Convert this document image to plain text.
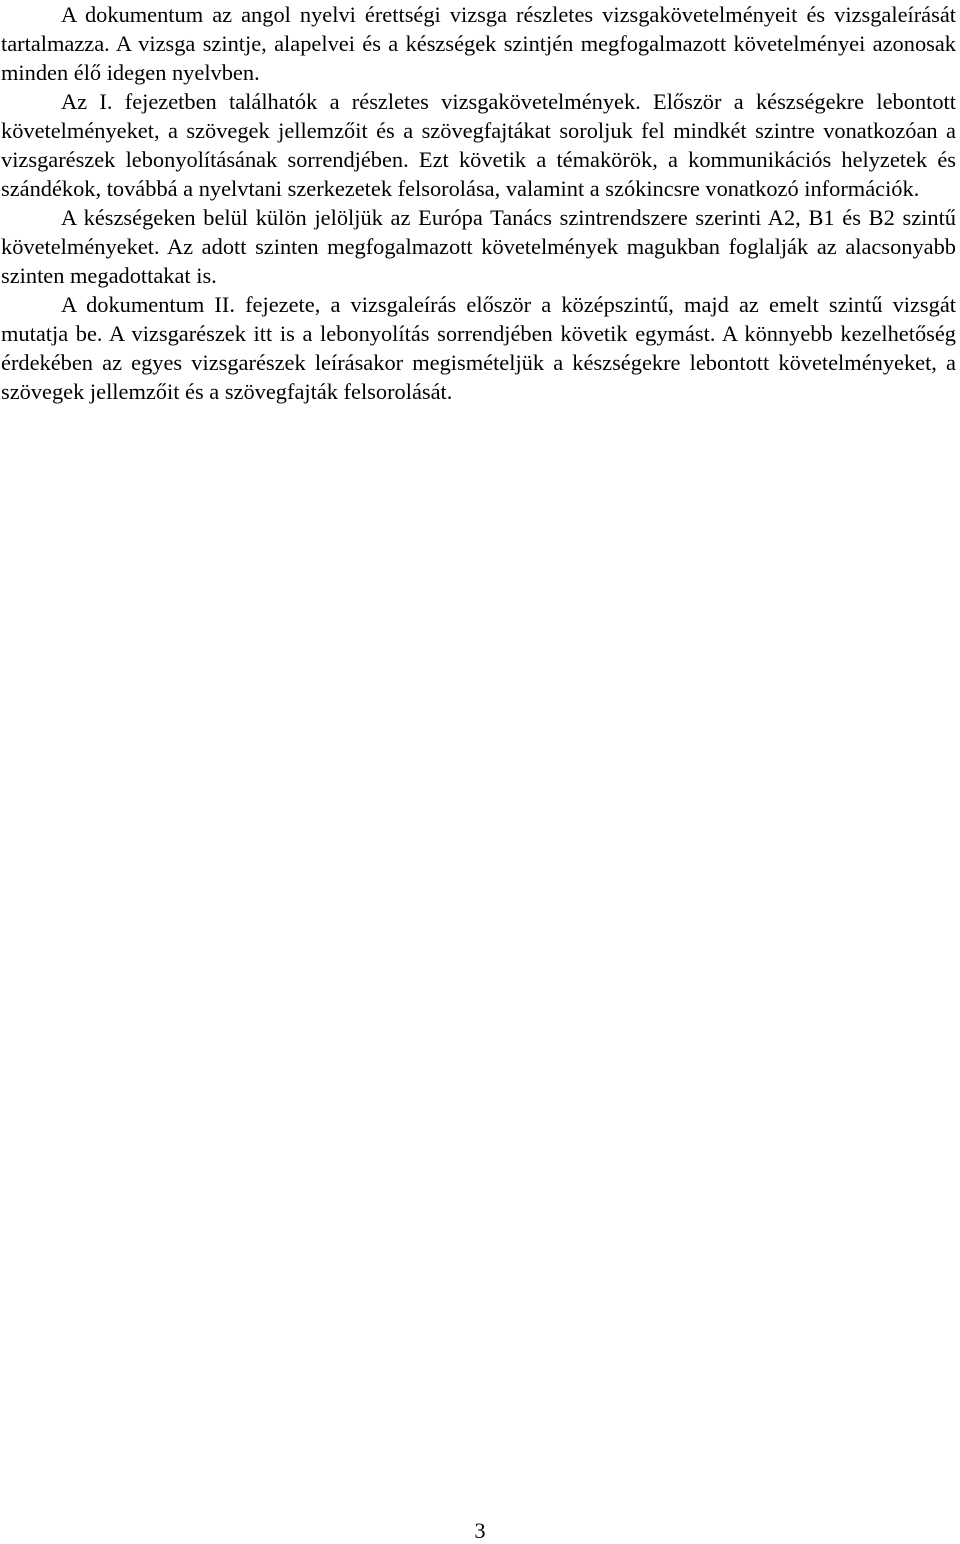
A dokumentum az angol nyelvi érettségi vizsga részletes vizsgakövetelményeit és vizsgaleírását tartalmazza. A vizsga szintje, alapelvei és a készségek szintjén megfogalmazott követelményei azonosak minden élő idegen nyelvben.

Az I. fejezetben találhatók a részletes vizsgakövetelmények. Először a készségekre lebontott követelményeket, a szövegek jellemzőit és a szövegfajtákat soroljuk fel mindkét szintre vonatkozóan a vizsgarészek lebonyolításának sorrendjében. Ezt követik a témakörök, a kommunikációs helyzetek és szándékok, továbbá a nyelvtani szerkezetek felsorolása, valamint a szókincsre vonatkozó információk.

A készségeken belül külön jelöljük az Európa Tanács szintrendszere szerinti A2, B1 és B2 szintű követelményeket. Az adott szinten megfogalmazott követelmények magukban foglalják az alacsonyabb szinten megadottakat is.

A dokumentum II. fejezete, a vizsgaleírás először a középszintű, majd az emelt szintű vizsgát mutatja be. A vizsgarészek itt is a lebonyolítás sorrendjében követik egymást. A könnyebb kezelhetőség érdekében az egyes vizsgarészek leírásakor megismételjük a készségekre lebontott követelményeket, a szövegek jellemzőit és a szövegfajták felsorolását.

3
